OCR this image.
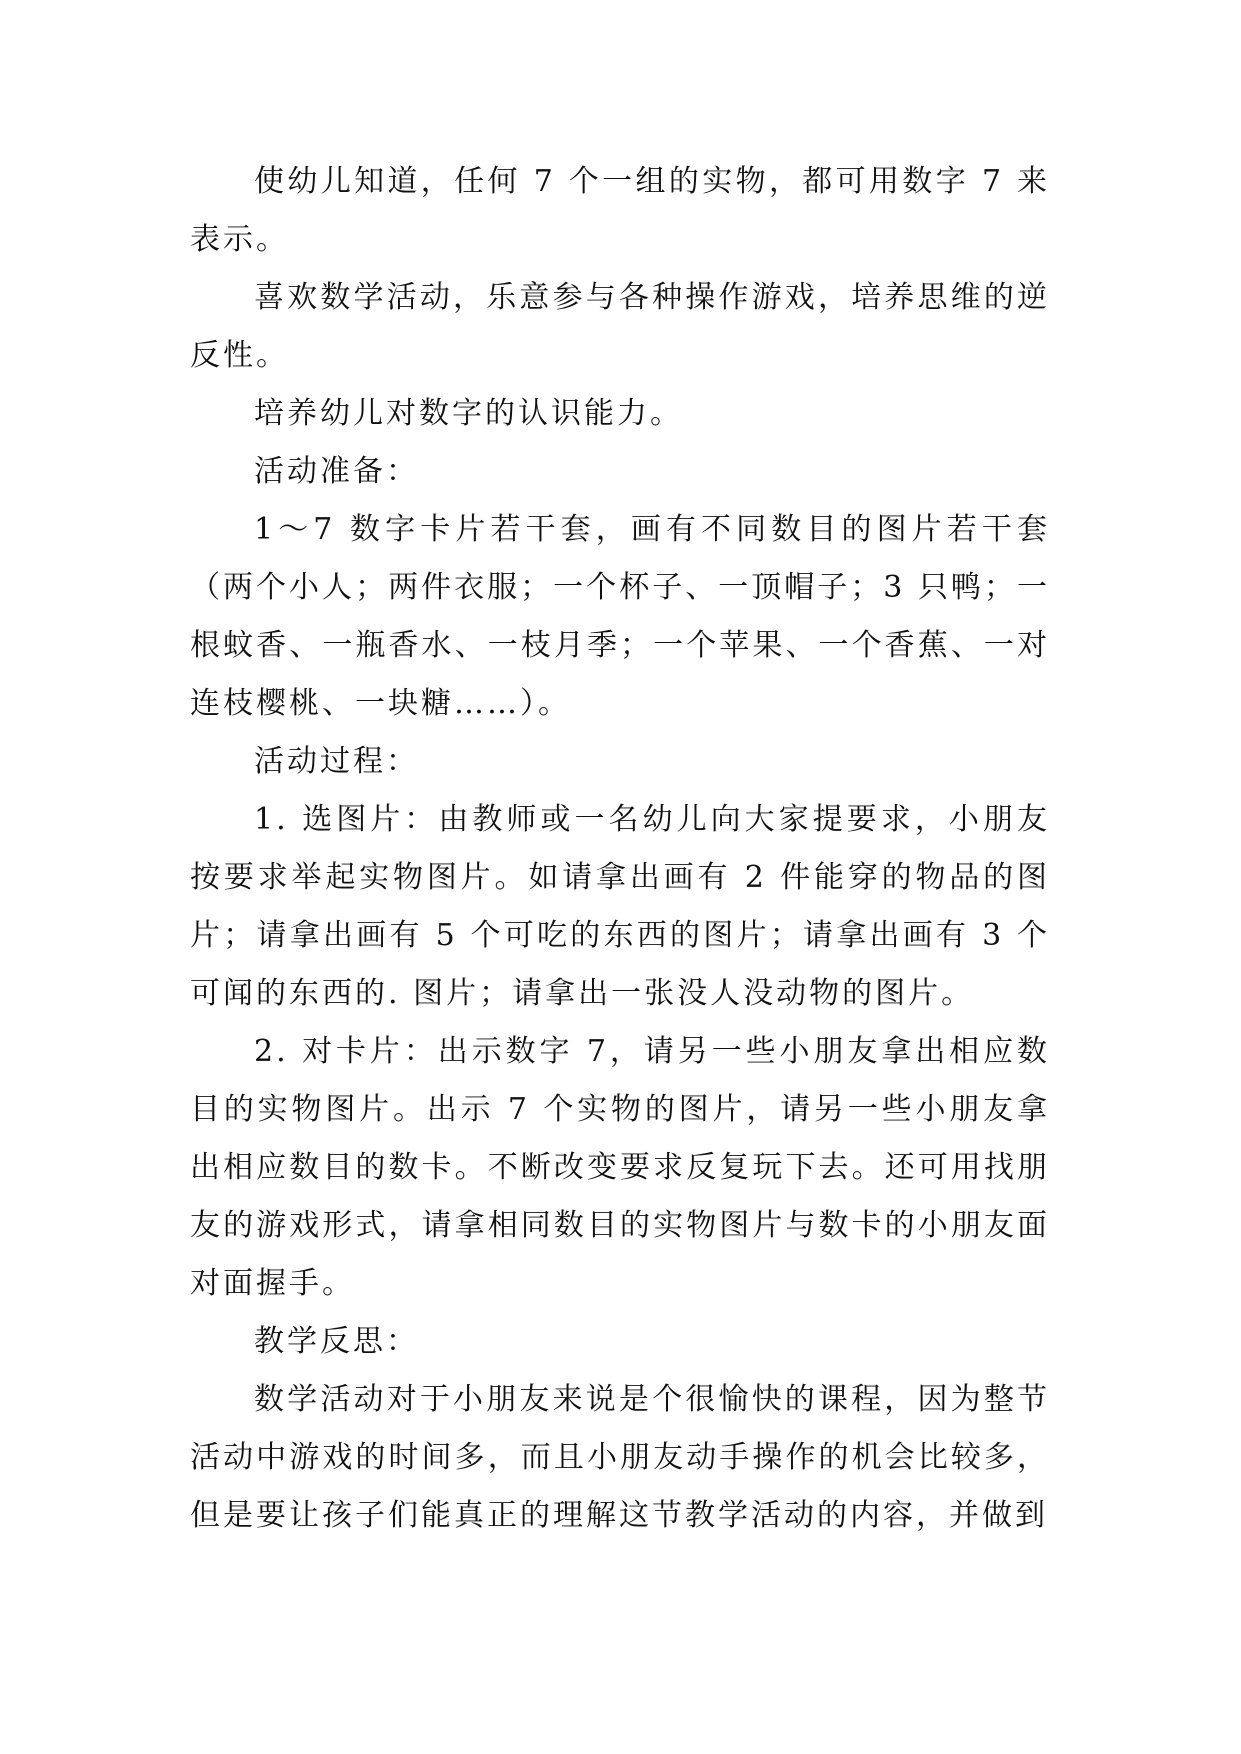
使幼儿知道，任何 7 个一组的实物，都可用数字 7 来表示。

喜欢数学活动，乐意参与各种操作游戏，培养思维的逆反性。

培养幼儿对数字的认识能力。

活动准备：

1～7 数字卡片若干套，画有不同数目的图片若干套（两个小人；两件衣服；一个杯子、一顶帽子；3 只鸭；一根蚊香、一瓶香水、一枝月季；一个苹果、一个香蕉、一对连枝樱桃、一块糖……）。

活动过程：

1. 选图片：由教师或一名幼儿向大家提要求，小朋友按要求举起实物图片。如请拿出画有 2 件能穿的物品的图片；请拿出画有 5 个可吃的东西的图片；请拿出画有 3 个可闻的东西的. 图片；请拿出一张没人没动物的图片。

2. 对卡片：出示数字 7，请另一些小朋友拿出相应数目的实物图片。出示 7 个实物的图片，请另一些小朋友拿出相应数目的数卡。不断改变要求反复玩下去。还可用找朋友的游戏形式，请拿相同数目的实物图片与数卡的小朋友面对面握手。

教学反思：

数学活动对于小朋友来说是个很愉快的课程，因为整节活动中游戏的时间多，而且小朋友动手操作的机会比较多，但是要让孩子们能真正的理解这节教学活动的内容，并做到
